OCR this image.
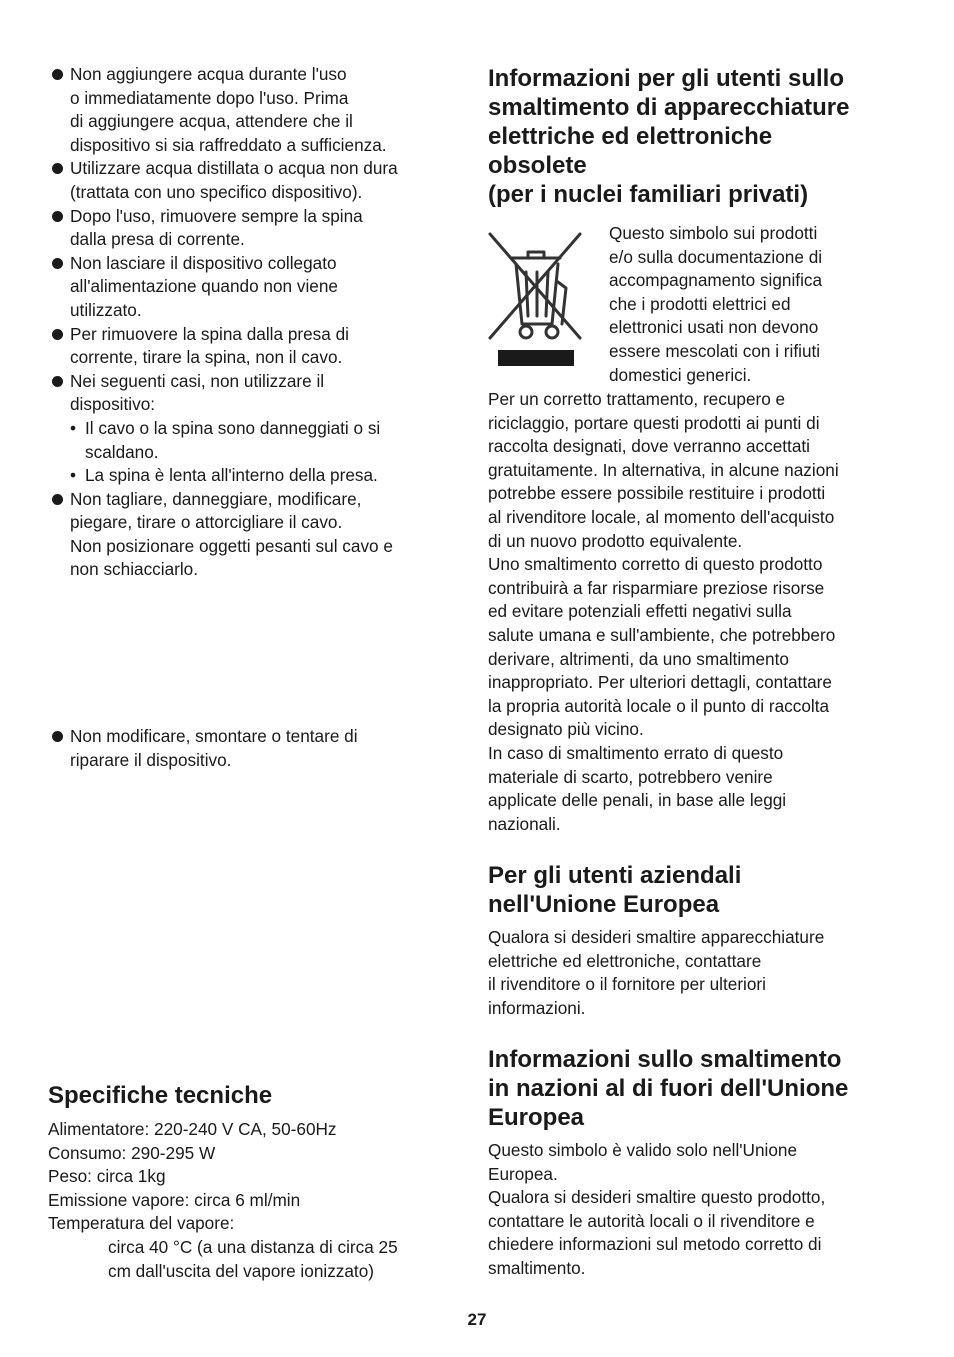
Non aggiungere acqua durante l'uso
o immediatamente dopo l'uso. Prima
di aggiungere acqua, attendere che il
dispositivo si sia raffreddato a sufficienza.
Utilizzare acqua distillata o acqua non dura
(trattata con uno specifico dispositivo).
Dopo l'uso, rimuovere sempre la spina
dalla presa di corrente.
Non lasciare il dispositivo collegato
all'alimentazione quando non viene
utilizzato.
Per rimuovere la spina dalla presa di
corrente, tirare la spina, non il cavo.
Nei seguenti casi, non utilizzare il
dispositivo:
• Il cavo o la spina sono danneggiati o si
scaldano.
• La spina è lenta all'interno della presa.
Non tagliare, danneggiare, modificare,
piegare, tirare o attorcigliare il cavo.
Non posizionare oggetti pesanti sul cavo e
non schiacciarlo.
Non modificare, smontare o tentare di
riparare il dispositivo.
Specifiche tecniche
Alimentatore: 220-240 V CA, 50-60Hz
Consumo: 290-295 W
Peso: circa 1kg
Emissione vapore: circa 6 ml/min
Temperatura del vapore:
circa 40 °C (a una distanza di circa 25
cm dall'uscita del vapore ionizzato)
Informazioni per gli utenti sullo
smaltimento di apparecchiature
elettriche ed elettroniche
obsolete
(per i nuclei familiari privati)
Questo simbolo sui prodotti
e/o sulla documentazione di
accompagnamento significa
che i prodotti elettrici ed
elettronici usati non devono
essere mescolati con i rifiuti
domestici generici.
Per un corretto trattamento, recupero e
riciclaggio, portare questi prodotti ai punti di
raccolta designati, dove verranno accettati
gratuitamente. In alternativa, in alcune nazioni
potrebbe essere possibile restituire i prodotti
al rivenditore locale, al momento dell'acquisto
di un nuovo prodotto equivalente.
Uno smaltimento corretto di questo prodotto
contribuirà a far risparmiare preziose risorse
ed evitare potenziali effetti negativi sulla
salute umana e sull'ambiente, che potrebbero
derivare, altrimenti, da uno smaltimento
inappropriato. Per ulteriori dettagli, contattare
la propria autorità locale o il punto di raccolta
designato più vicino.
In caso di smaltimento errato di questo
materiale di scarto, potrebbero venire
applicate delle penali, in base alle leggi
nazionali.
Per gli utenti aziendali
nell'Unione Europea
Qualora si desideri smaltire apparecchiature
elettriche ed elettroniche, contattare
il rivenditore o il fornitore per ulteriori
informazioni.
Informazioni sullo smaltimento
in nazioni al di fuori dell'Unione
Europea
Questo simbolo è valido solo nell'Unione
Europea.
Qualora si desideri smaltire questo prodotto,
contattare le autorità locali o il rivenditore e
chiedere informazioni sul metodo corretto di
smaltimento.
27
